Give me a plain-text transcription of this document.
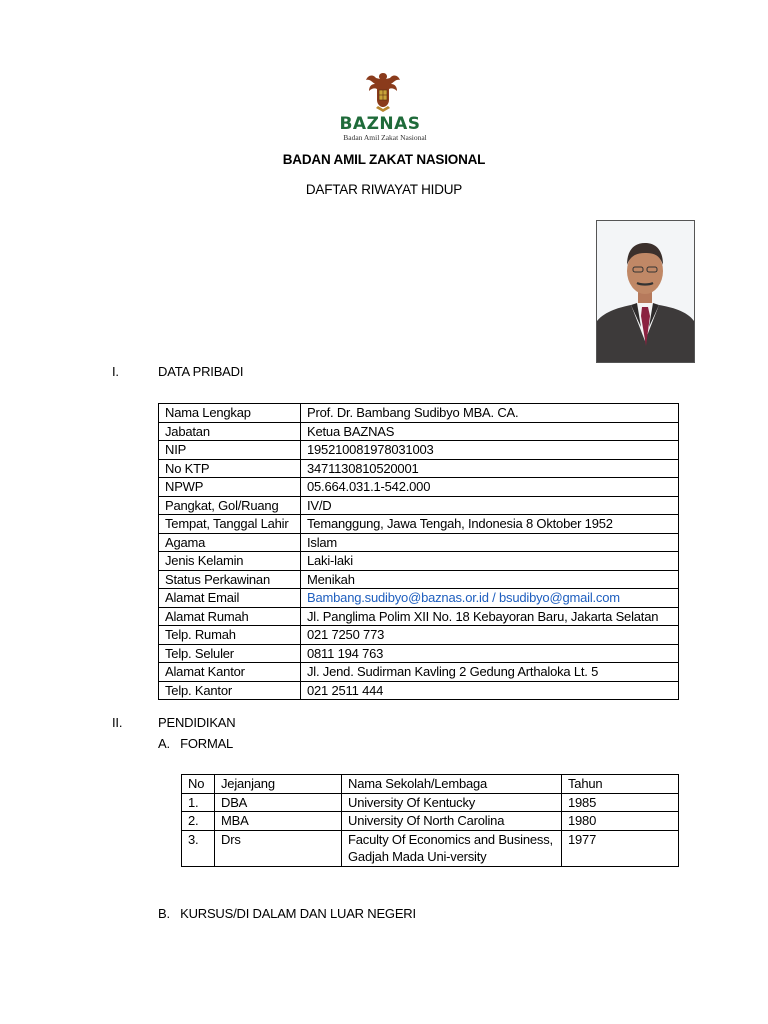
BAZNAS
Badan Amil Zakat Nasional
BADAN AMIL ZAKAT NASIONAL
DAFTAR RIWAYAT HIDUP
I.	DATA PRIBADI
Nama Lengkap	Prof. Dr. Bambang Sudibyo MBA. CA.
Jabatan	Ketua BAZNAS
NIP	195210081978031003
No KTP	3471130810520001
NPWP	05.664.031.1-542.000
Pangkat, Gol/Ruang	IV/D
Tempat, Tanggal Lahir	Temanggung, Jawa Tengah, Indonesia 8 Oktober 1952
Agama	Islam
Jenis Kelamin	Laki-laki
Status Perkawinan	Menikah
Alamat Email	Bambang.sudibyo@baznas.or.id / bsudibyo@gmail.com
Alamat Rumah	Jl. Panglima Polim XII No. 18 Kebayoran Baru, Jakarta Selatan
Telp. Rumah	021 7250 773
Telp. Seluler	0811 194 763
Alamat Kantor	Jl. Jend. Sudirman Kavling 2 Gedung Arthaloka Lt. 5
Telp. Kantor	021 2511 444
II.	PENDIDIKAN
A.   FORMAL
No	Jejanjang	Nama Sekolah/Lembaga	Tahun
1.	DBA	University Of Kentucky	1985
2.	MBA	University Of North Carolina	1980
3.	Drs	Faculty Of Economics and Business, Gadjah Mada Uni-versity	1977
B.   KURSUS/DI DALAM DAN LUAR NEGERI
